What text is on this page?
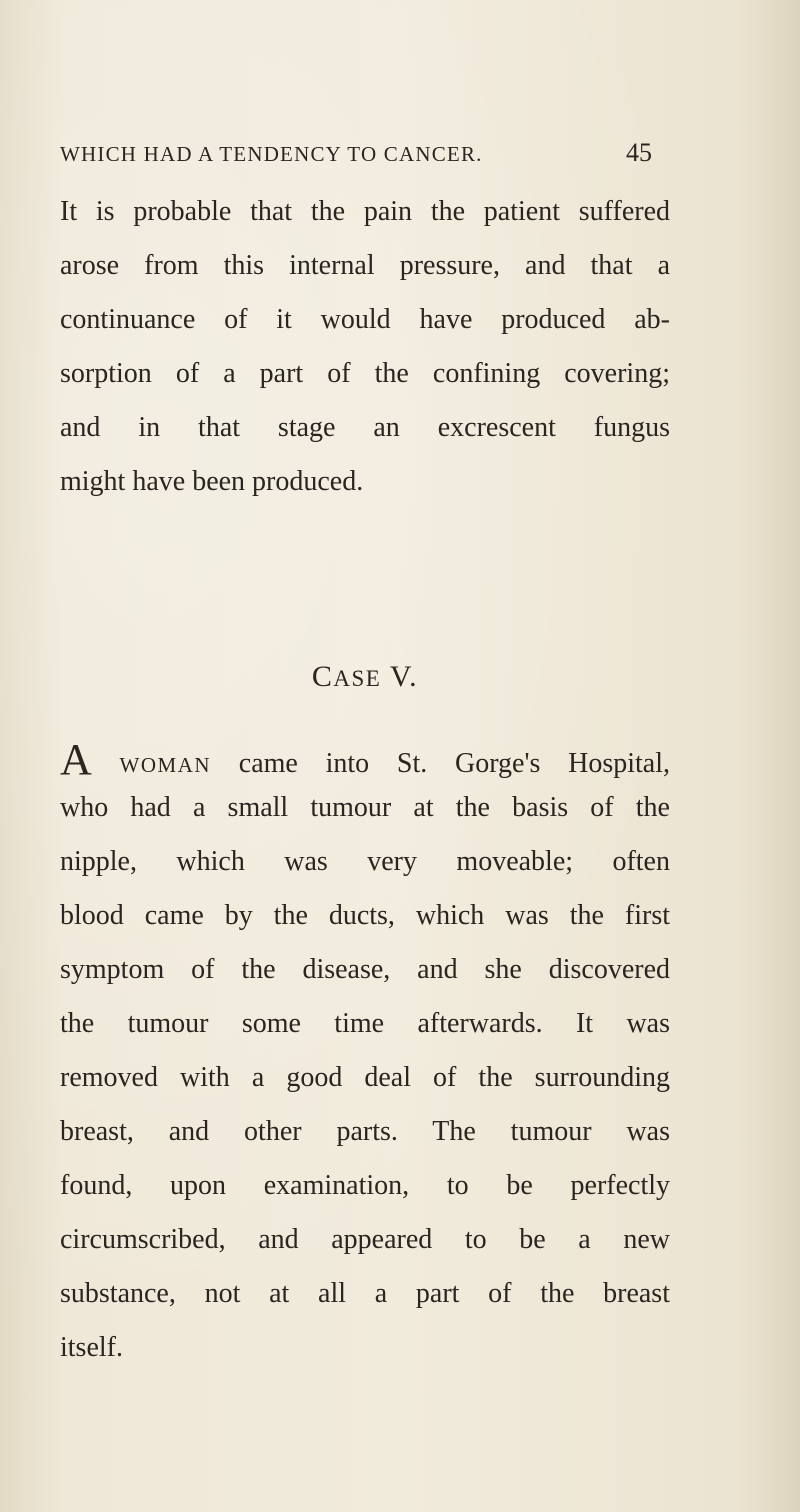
WHICH HAD A TENDENCY TO CANCER.	45
It is probable that the pain the patient suffered
arose from this internal pressure, and that a
continuance of it would have produced ab-
sorption of a part of the confining covering;
and in that stage an excrescent fungus
might have been produced.
CASE V.
A WOMAN came into St. Gorge's Hospital,
who had a small tumour at the basis of the
nipple, which was very moveable; often
blood came by the ducts, which was the first
symptom of the disease, and she discovered
the tumour some time afterwards. It was
removed with a good deal of the surrounding
breast, and other parts. The tumour was
found, upon examination, to be perfectly
circumscribed, and appeared to be a new
substance, not at all a part of the breast
itself.
